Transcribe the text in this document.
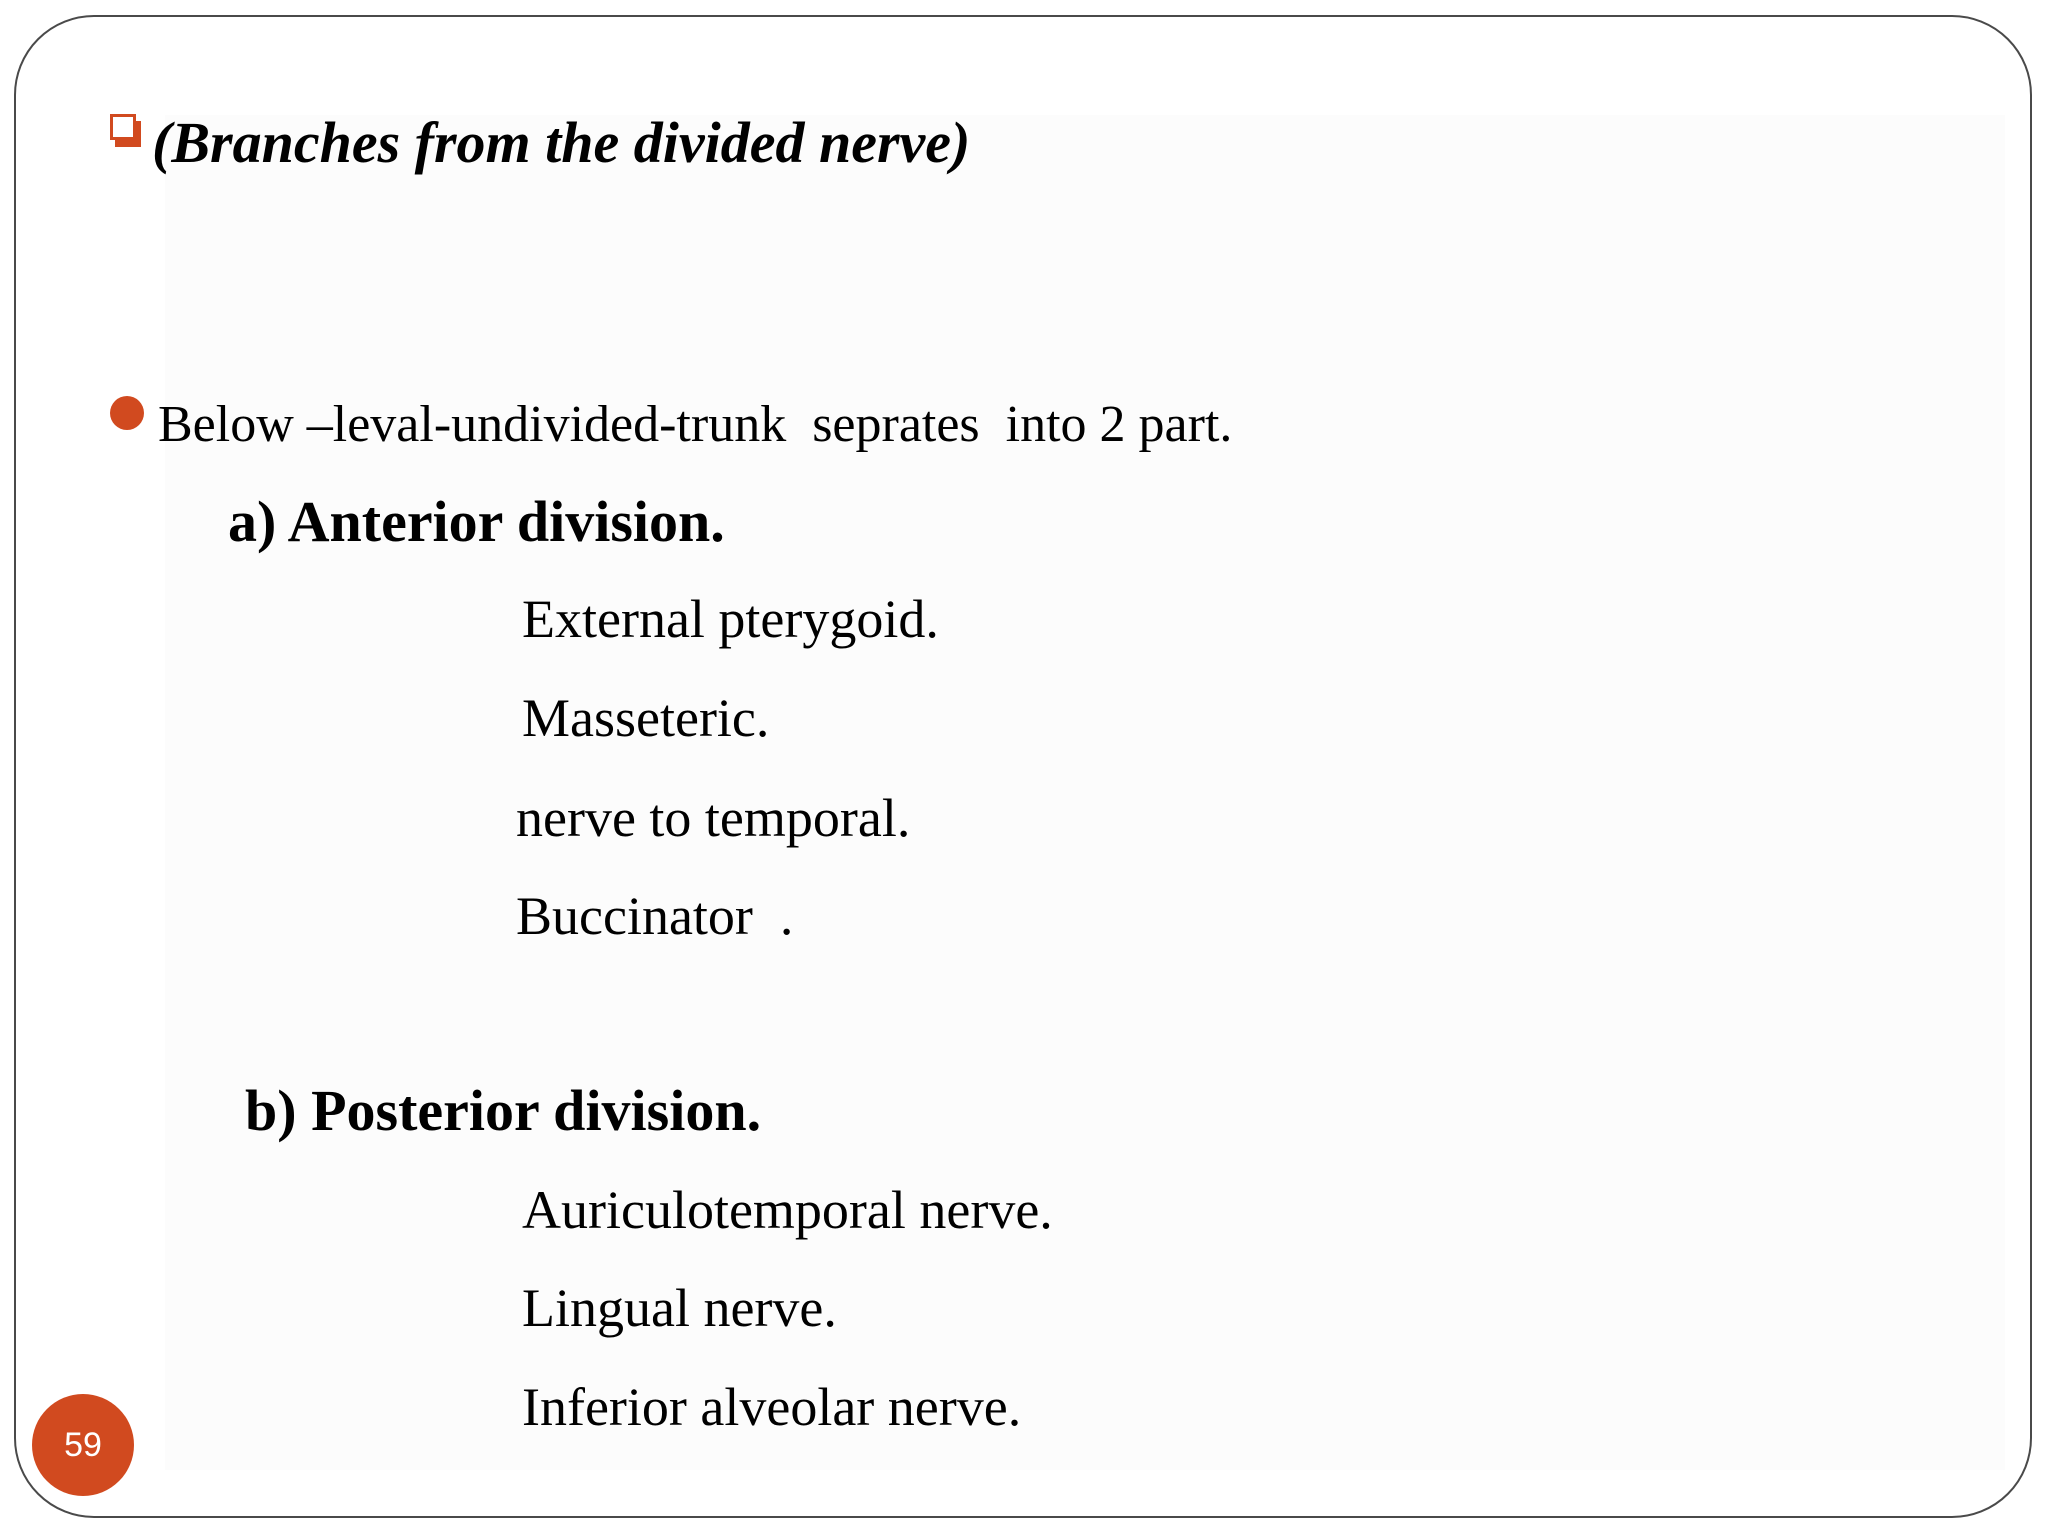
(Branches from the divided nerve)
Below –leval-undivided-trunk  seprates  into 2 part.
a) Anterior division.
External pterygoid.
Masseteric.
nerve to temporal.
Buccinator  .
b) Posterior division.
Auriculotemporal nerve.
Lingual nerve.
Inferior alveolar nerve.
59
